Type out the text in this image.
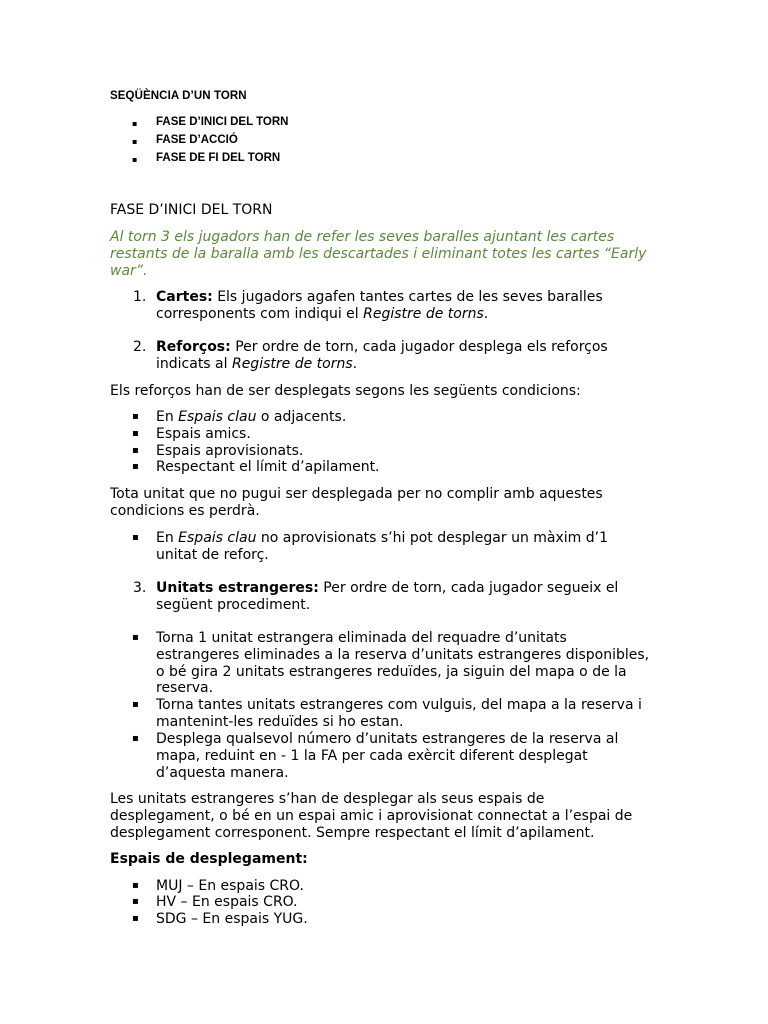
SEQÜÈNCIA D’UN TORN
▪ FASE D’INICI DEL TORN
▪ FASE D’ACCIÓ
▪ FASE DE FI DEL TORN
FASE D’INICI DEL TORN
Al torn 3 els jugadors han de refer les seves baralles ajuntant les cartes
restants de la baralla amb les descartades i eliminant totes les cartes “Early
war”.
1. Cartes: Els jugadors agafen tantes cartes de les seves baralles
corresponents com indiqui el Registre de torns.
2. Reforços: Per ordre de torn, cada jugador desplega els reforços
indicats al Registre de torns.
Els reforços han de ser desplegats segons les següents condicions:
▪ En Espais clau o adjacents.
▪ Espais amics.
▪ Espais aprovisionats.
▪ Respectant el límit d’apilament.
Tota unitat que no pugui ser desplegada per no complir amb aquestes
condicions es perdrà.
▪ En Espais clau no aprovisionats s’hi pot desplegar un màxim d’1
unitat de reforç.
3. Unitats estrangeres: Per ordre de torn, cada jugador segueix el
següent procediment.
▪ Torna 1 unitat estrangera eliminada del requadre d’unitats
estrangeres eliminades a la reserva d’unitats estrangeres disponibles,
o bé gira 2 unitats estrangeres reduïdes, ja siguin del mapa o de la
reserva.
▪ Torna tantes unitats estrangeres com vulguis, del mapa a la reserva i
mantenint-les reduïdes si ho estan.
▪ Desplega qualsevol número d’unitats estrangeres de la reserva al
mapa, reduint en - 1 la FA per cada exèrcit diferent desplegat
d’aquesta manera.
Les unitats estrangeres s’han de desplegar als seus espais de
desplegament, o bé en un espai amic i aprovisionat connectat a l’espai de
desplegament corresponent. Sempre respectant el límit d’apilament.
Espais de desplegament:
▪ MUJ – En espais CRO.
▪ HV – En espais CRO.
▪ SDG – En espais YUG.
